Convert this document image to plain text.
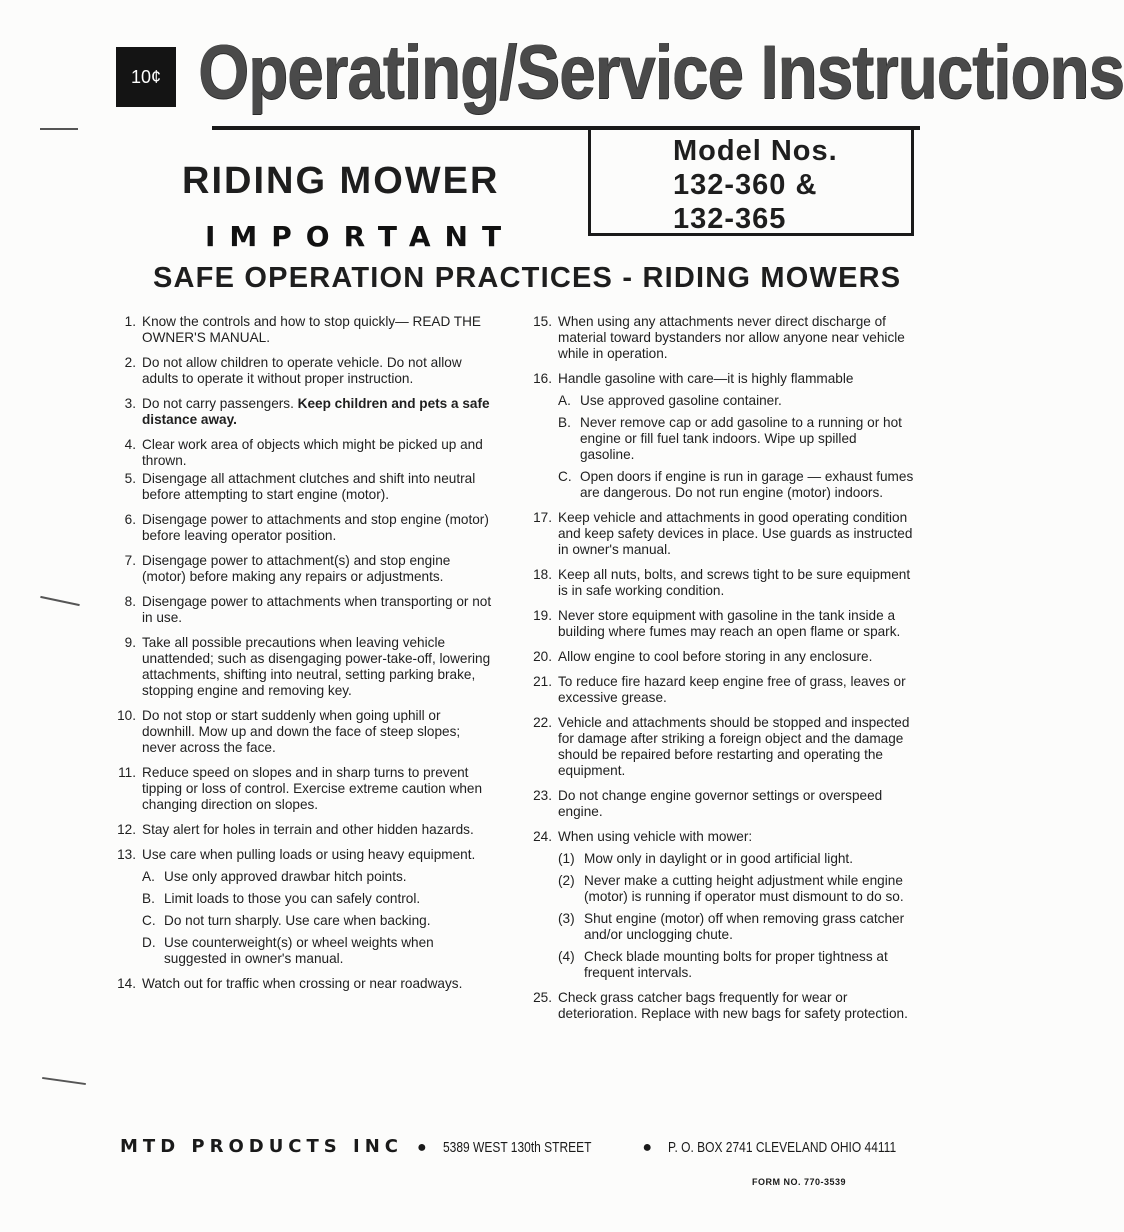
10¢ Operating/Service Instructions
Model Nos.
132-360 &
132-365
RIDING MOWER
IMPORTANT
SAFE OPERATION PRACTICES - RIDING MOWERS
1. Know the controls and how to stop quickly— READ THE OWNER'S MANUAL.
2. Do not allow children to operate vehicle. Do not allow adults to operate it without proper instruction.
3. Do not carry passengers. Keep children and pets a safe distance away.
4. Clear work area of objects which might be picked up and thrown.
5. Disengage all attachment clutches and shift into neutral before attempting to start engine (motor).
6. Disengage power to attachments and stop engine (motor) before leaving operator position.
7. Disengage power to attachment(s) and stop engine (motor) before making any repairs or adjustments.
8. Disengage power to attachments when transporting or not in use.
9. Take all possible precautions when leaving vehicle unattended; such as disengaging power-take-off, lowering attachments, shifting into neutral, setting parking brake, stopping engine and removing key.
10. Do not stop or start suddenly when going uphill or downhill. Mow up and down the face of steep slopes; never across the face.
11. Reduce speed on slopes and in sharp turns to prevent tipping or loss of control. Exercise extreme caution when changing direction on slopes.
12. Stay alert for holes in terrain and other hidden hazards.
13. Use care when pulling loads or using heavy equipment.
A. Use only approved drawbar hitch points.
B. Limit loads to those you can safely control.
C. Do not turn sharply. Use care when backing.
D. Use counterweight(s) or wheel weights when suggested in owner's manual.
14. Watch out for traffic when crossing or near roadways.
15. When using any attachments never direct discharge of material toward bystanders nor allow anyone near vehicle while in operation.
16. Handle gasoline with care—it is highly flammable
A. Use approved gasoline container.
B. Never remove cap or add gasoline to a running or hot engine or fill fuel tank indoors. Wipe up spilled gasoline.
C. Open doors if engine is run in garage — exhaust fumes are dangerous. Do not run engine (motor) indoors.
17. Keep vehicle and attachments in good operating condition and keep safety devices in place. Use guards as instructed in owner's manual.
18. Keep all nuts, bolts, and screws tight to be sure equipment is in safe working condition.
19. Never store equipment with gasoline in the tank inside a building where fumes may reach an open flame or spark.
20. Allow engine to cool before storing in any enclosure.
21. To reduce fire hazard keep engine free of grass, leaves or excessive grease.
22. Vehicle and attachments should be stopped and inspected for damage after striking a foreign object and the damage should be repaired before restarting and operating the equipment.
23. Do not change engine governor settings or overspeed engine.
24. When using vehicle with mower:
(1) Mow only in daylight or in good artificial light.
(2) Never make a cutting height adjustment while engine (motor) is running if operator must dismount to do so.
(3) Shut engine (motor) off when removing grass catcher and/or unclogging chute.
(4) Check blade mounting bolts for proper tightness at frequent intervals.
25. Check grass catcher bags frequently for wear or deterioration. Replace with new bags for safety protection.
MTD PRODUCTS INC ● 5389 WEST 130th STREET	● P. O. BOX 2741 CLEVELAND OHIO 44111
FORM NO. 770-3539
